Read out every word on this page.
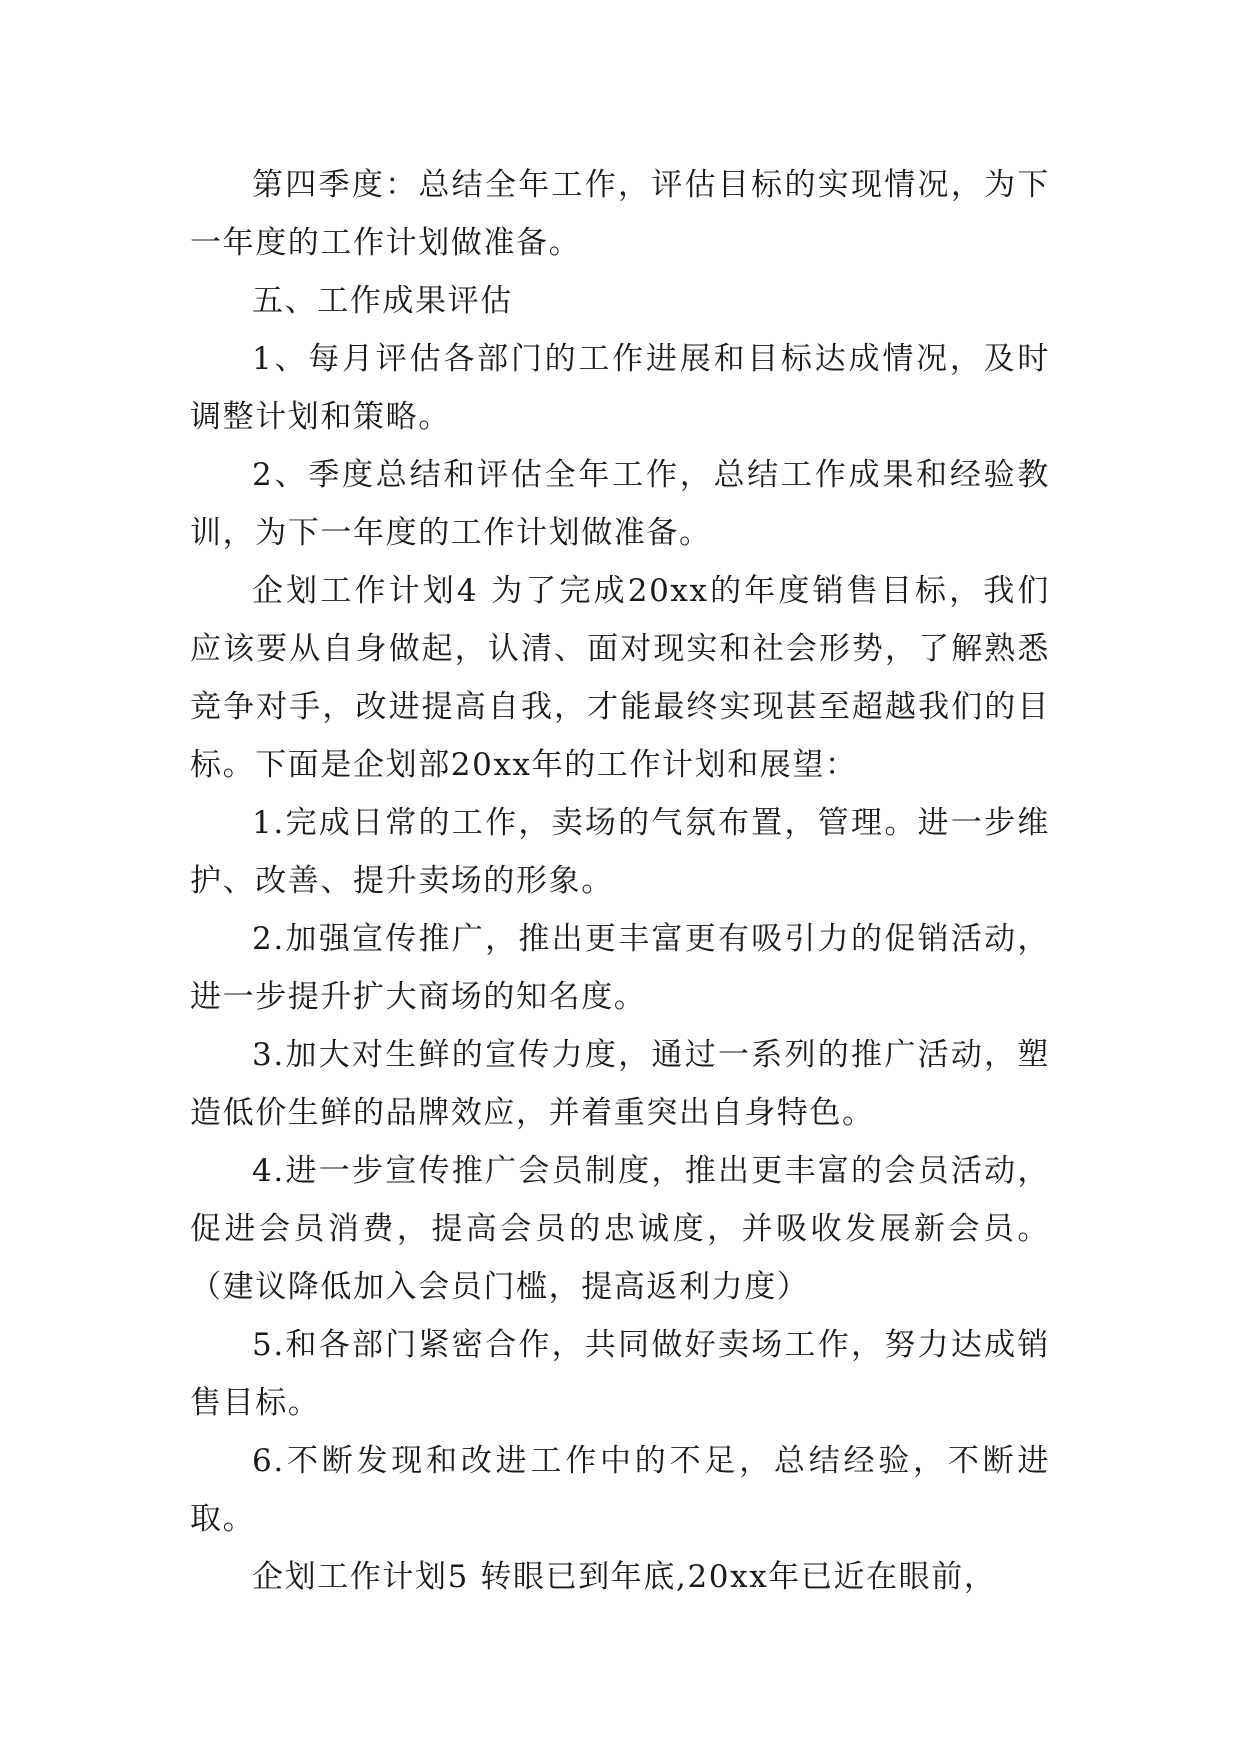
第四季度：总结全年工作，评估目标的实现情况，为下一年度的工作计划做准备。

五、工作成果评估

1、每月评估各部门的工作进展和目标达成情况，及时调整计划和策略。

2、季度总结和评估全年工作，总结工作成果和经验教训，为下一年度的工作计划做准备。

企划工作计划4 为了完成20xx的年度销售目标，我们应该要从自身做起，认清、面对现实和社会形势，了解熟悉竞争对手，改进提高自我，才能最终实现甚至超越我们的目标。下面是企划部20xx年的工作计划和展望：

1.完成日常的工作，卖场的气氛布置，管理。进一步维护、改善、提升卖场的形象。

2.加强宣传推广，推出更丰富更有吸引力的促销活动，进一步提升扩大商场的知名度。

3.加大对生鲜的宣传力度，通过一系列的推广活动，塑造低价生鲜的品牌效应，并着重突出自身特色。

4.进一步宣传推广会员制度，推出更丰富的会员活动，促进会员消费，提高会员的忠诚度，并吸收发展新会员。（建议降低加入会员门槛，提高返利力度）

5.和各部门紧密合作，共同做好卖场工作，努力达成销售目标。

6.不断发现和改进工作中的不足，总结经验，不断进取。

企划工作计划5 转眼已到年底,20xx年已近在眼前，
